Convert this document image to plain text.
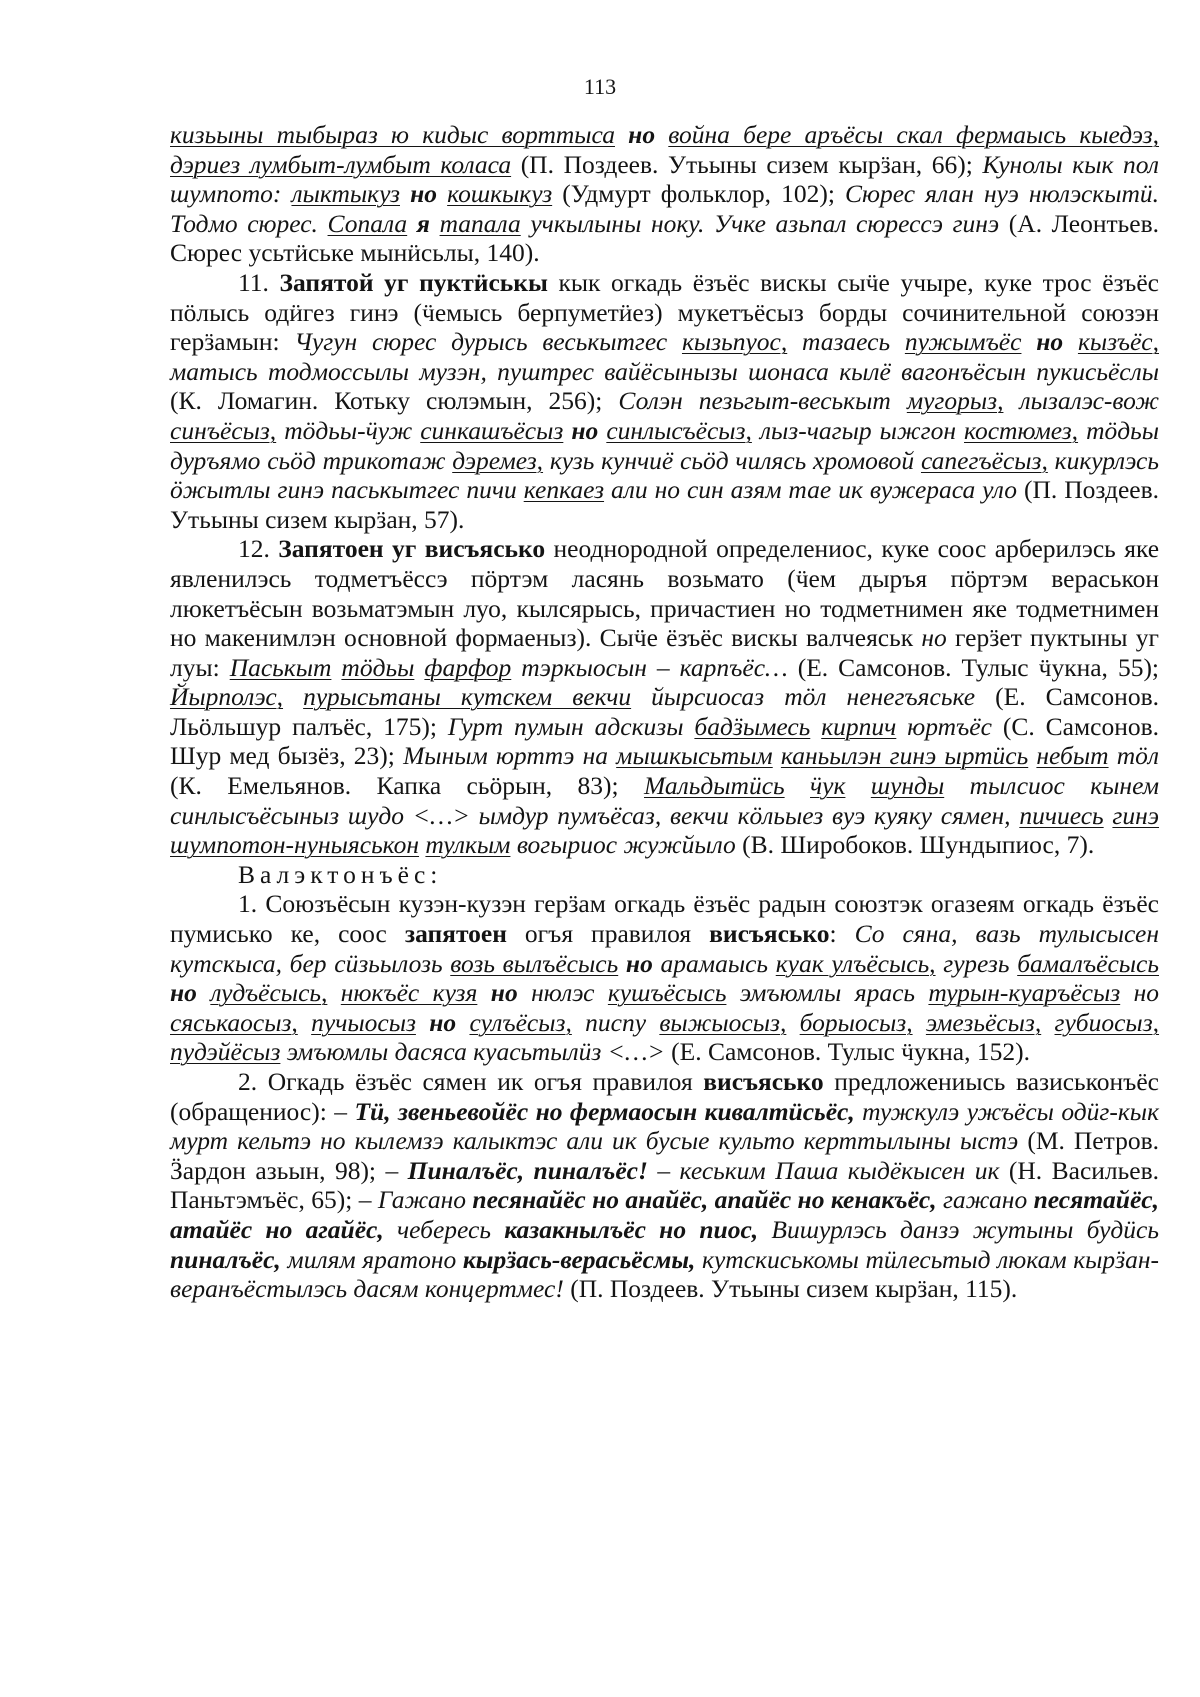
113

кизьыны тыбыраз ю кидыс ворттыса но война бере аръёсы скал фермаысь кыедэз, дэриез лумбыт-лумбыт коласа (П. Поздеев. Утьыны сизем кырӟан, 66); Кунолы кык пол шумпото: лыктыкуз но кошкыкуз (Удмурт фольклор, 102); Сюрес ялан нуэ нюлэскытӥ. Тодмо сюрес. Сопала я тапала учкылыны ноку. Учке азьпал сюрессэ гинэ (А. Леонтьев. Сюрес усьтӥське мынӥсьлы, 140).

11. Запятой уг пуктӥськы кык огкадь ёзъёс вискы сыӵе учыре, куке трос ёзъёс пӧлысь одӥгез гинэ (ӵемысь берпуметӥез) мукетъёсыз борды сочинительной союзэн герӟамын: Чугун сюрес дурысь веськытгес кызьпуос, тазаесь пужымъёс но кызъёс, матысь тодмоссылы музэн, пуштрес вайёсынызы шонаса кылё вагонъёсын пукисьёслы (К. Ломагин. Котьку сюлэмын, 256); Солэн пезьгыт-веськыт мугорыз, лызалэс-вож синъёсыз, тӧдьы-ӵуж синкашъёсыз но синлысъёсыз, лыз-чагыр ыжгон костюмез, тӧдьы дуръямо сьӧд трикотаж дэремез, кузь кунчиё сьӧд чилясь хромовой сапегъёсыз, кикурлэсь ӧжытлы гинэ паськытгес пичи кепкаез али но син азям тае ик вужераса уло (П. Поздеев. Утьыны сизем кырӟан, 57).

12. Запятоен уг висъясько неоднородной определениос, куке соос арберилэсь яке явленилэсь тодметъёссэ пӧртэм ласянь возьмато (ӵем дыръя пӧртэм вераськон люкетъёсын возьматэмын луо, кылсярысь, причастиен но тодметнимен яке тодметнимен но макенимлэн основной формаеныз). Сыӵе ёзъёс вискы валчеяськ но герӟет пуктыны уг луы: Паськыт тӧдьы фарфор тэркыосын – карпъёс… (Е. Самсонов. Тулыс ӵукна, 55); Йырполэс, пурысьтаны кутскем векчи йырсиосаз тӧл ненегъяське (Е. Самсонов. Льӧльшур палъёс, 175); Гурт пумын адскизы бадӟымесь кирпич юртъёс (С. Самсонов. Шур мед бызёз, 23); Мыным юрттэ на мышкысьтым каньылэн гинэ ыртӥсь небыт тӧл (К. Емельянов. Капка сьӧрын, 83); Мальдытӥсь ӵук шунды тылсиос кынем синлысъёсыныз шудо <…> ымдур пумъёсаз, векчи кӧльыез вуэ куяку сямен, пичиесь гинэ шумпотон-нуныяськон тулкым вогыриос жужйыло (В. Широбоков. Шундыпиос, 7).

Валэктонъёс:

1. Союзъёсын кузэн-кузэн герӟам огкадь ёзъёс радын союзтэк огазеям огкадь ёзъёс пумисько ке, соос запятоен огъя правилоя висъясько: Со сяна, вазь тулысысен кутскыса, бер сӥзьылозь возь вылъёсысь но арамаысь куак улъёсысь, гурезь бамалъёсысь но лудъёсысь, нюкъёс кузя но нюлэс кушъёсысь эмъюмлы ярась турын-куаръёсыз но сяськаосыз, пучыосыз но сулъёсыз, писпу выжыосыз, борыосыз, эмезьёсыз, губиосыз, пудэйёсыз эмъюмлы дасяса куасьтылӥз <…> (Е. Самсонов. Тулыс ӵукна, 152).

2. Огкадь ёзъёс сямен ик огъя правилоя висъясько предложениысь вазиськонъёс (обращениос): – Тӥ, звеньевойёс но фермаосын кивалтӥсьёс, тужкулэ ужъёсы одӥг-кык мурт кельтэ но кылемзэ калыктэс али ик бусые культо керттылыны ыстэ (М. Петров. Ӟардон азьын, 98); – Пиналъёс, пиналъёс! – кеським Паша кыдёкысен ик (Н. Васильев. Паньтэмъёс, 65); – Гажано песянайёс но анайёс, апайёс но кенакъёс, гажано песятайёс, атайёс но агайёс, чебересь казакнылъёс но пиос, Вишурлэсь данзэ жутыны будӥсь пиналъёс, милям яратоно кырӟась-верасьёсмы, кутскиськомы тӥлесьтыд люкам кырӟан-веранъёстылэсь дасям концертмес! (П. Поздеев. Утьыны сизем кырӟан, 115).
